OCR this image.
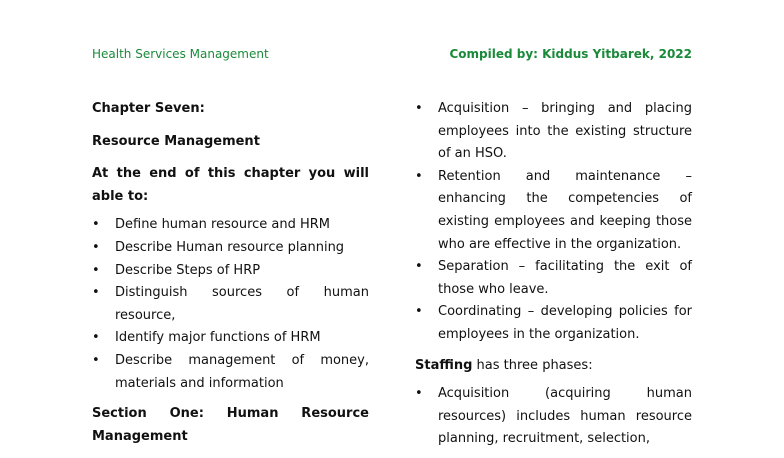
Health Services Management	Compiled by: Kiddus Yitbarek, 2022
Chapter Seven:
Resource Management
At the end of this chapter you will able to:
• Define human resource and HRM
• Describe Human resource planning
• Describe Steps of HRP
• Distinguish sources of human resource,
• Identify major functions of HRM
• Describe management of money, materials and information
Section One: Human Resource Management
• Acquisition – bringing and placing employees into the existing structure of an HSO.
• Retention and maintenance – enhancing the competencies of existing employees and keeping those who are effective in the organization.
• Separation – facilitating the exit of those who leave.
• Coordinating – developing policies for employees in the organization.
Staffing has three phases:
• Acquisition (acquiring human resources) includes human resource planning, recruitment, selection,
